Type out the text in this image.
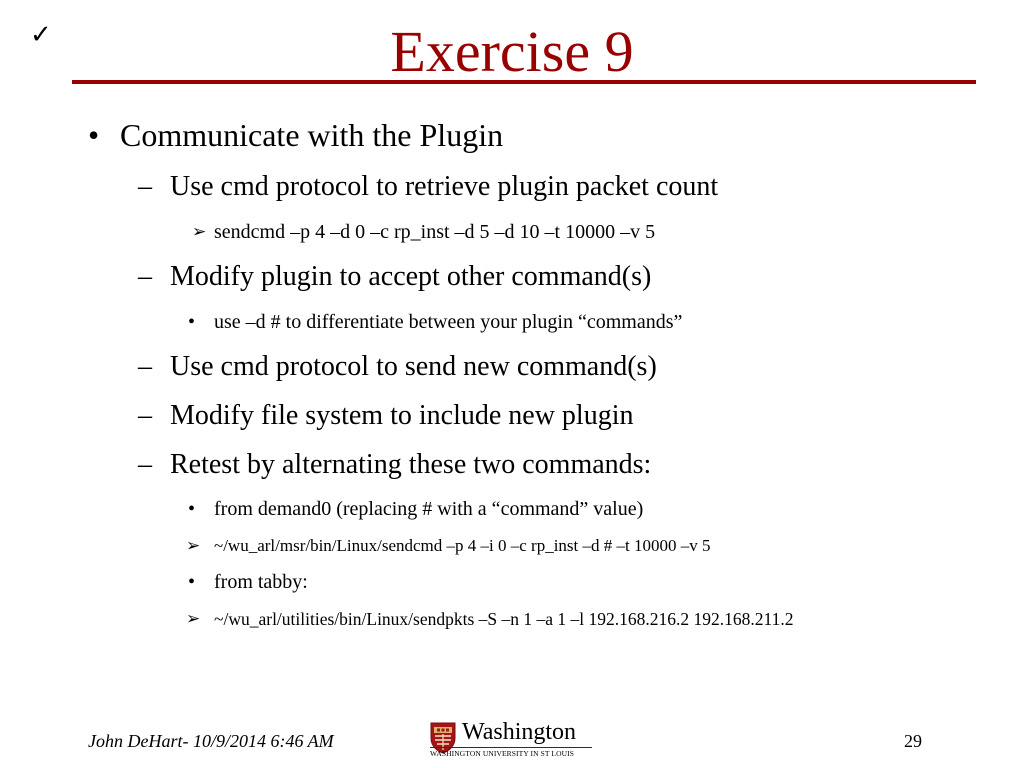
✓	Exercise 9
• Communicate with the Plugin
– Use cmd protocol to retrieve plugin packet count
➢ sendcmd –p 4 –d 0 –c rp_inst –d 5 –d 10 –t 10000 –v 5
– Modify plugin to accept other command(s)
• use –d # to differentiate between your plugin “commands”
– Use cmd protocol to send new command(s)
– Modify file system to include new plugin
– Retest by alternating these two commands:
• from demand0 (replacing # with a “command” value)
➢ ~/wu_arl/msr/bin/Linux/sendcmd –p 4 –i 0 –c rp_inst –d # –t 10000 –v 5
• from tabby:
➢ ~/wu_arl/utilities/bin/Linux/sendpkts –S –n 1 –a 1 –l 192.168.216.2 192.168.211.2
John DeHart- 10/9/2014 6:46 AM	Washington
WASHINGTON UNIVERSITY IN ST LOUIS
29
